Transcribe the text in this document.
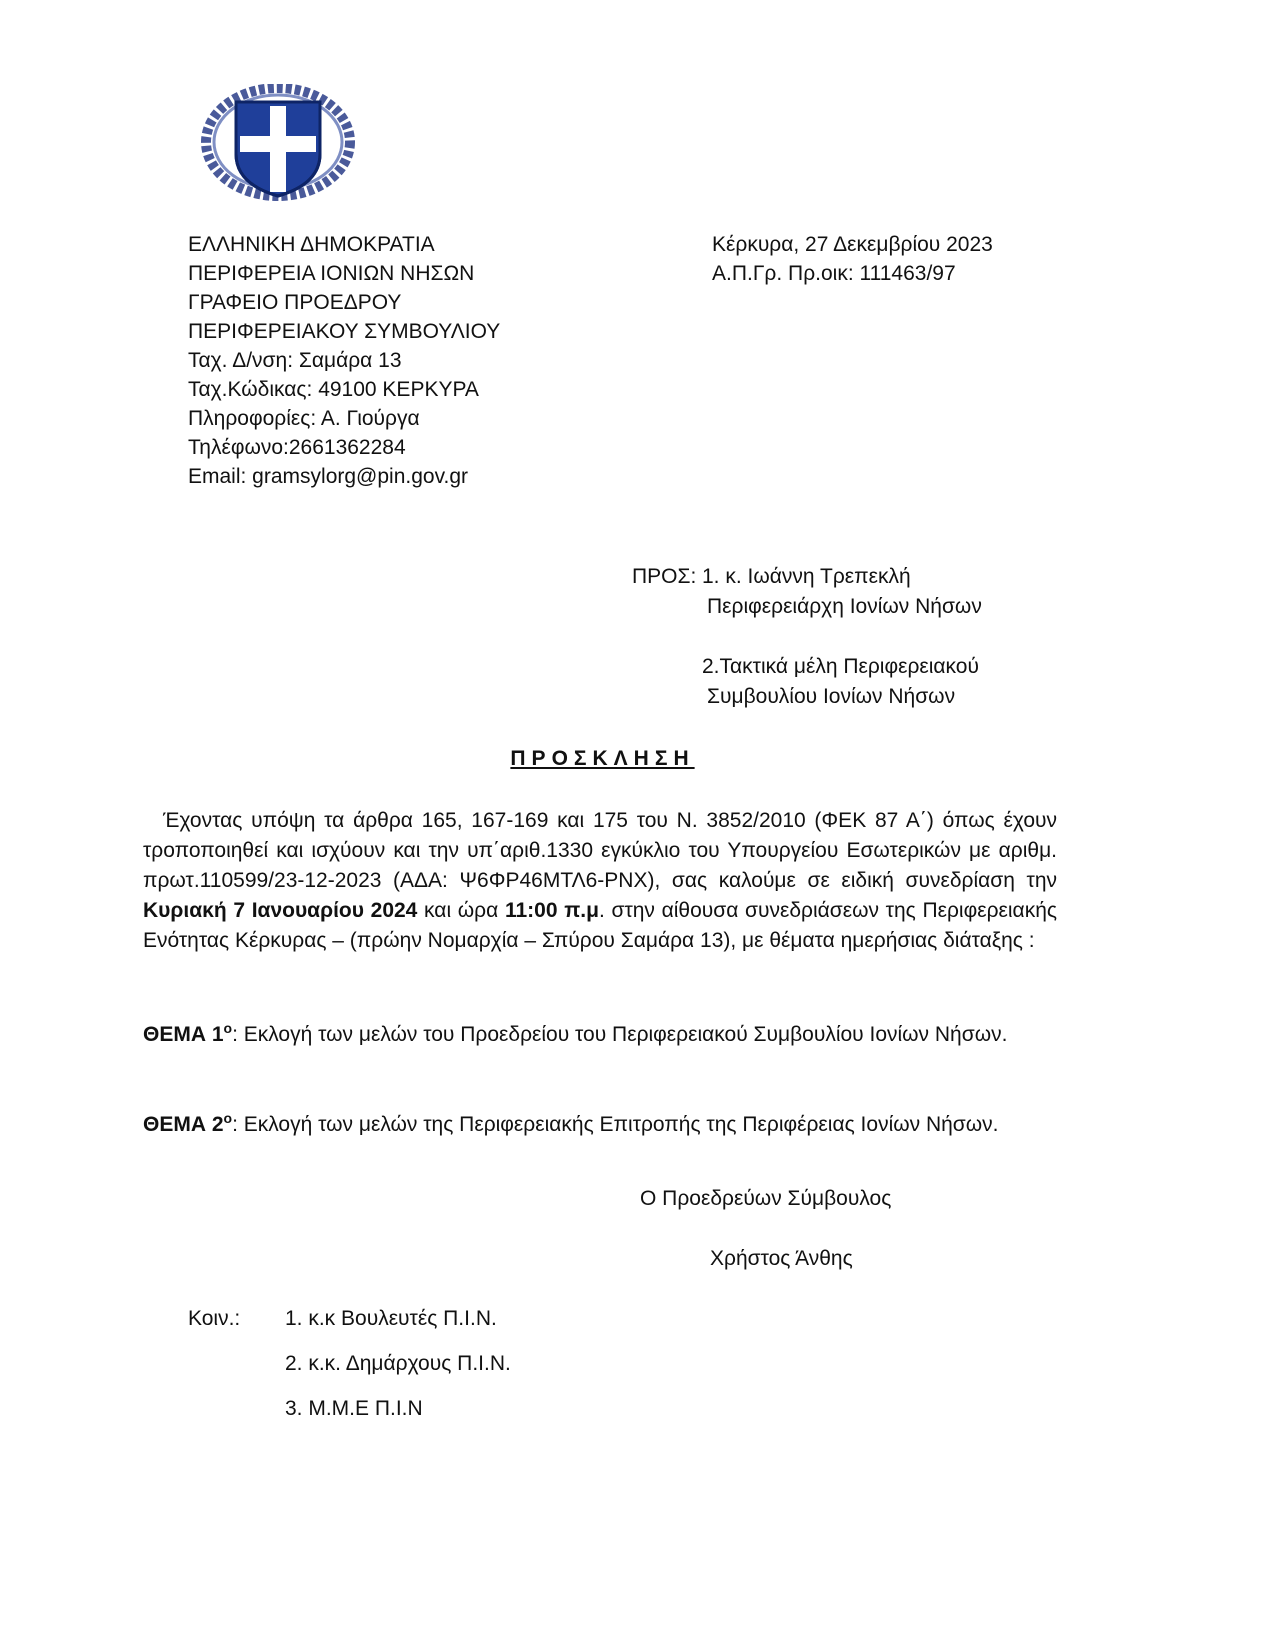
ΕΛΛΗΝΙΚΗ ΔΗΜΟΚΡΑΤΙΑ
ΠΕΡΙΦΕΡΕΙΑ ΙΟΝΙΩΝ ΝΗΣΩΝ
ΓΡΑΦΕΙΟ ΠΡΟΕΔΡΟΥ
ΠΕΡΙΦΕΡΕΙΑΚΟΥ ΣΥΜΒΟΥΛΙΟΥ
Ταχ. Δ/νση: Σαμάρα 13
Ταχ.Κώδικας: 49100 ΚΕΡΚΥΡΑ
Πληροφορίες: Α. Γιούργα
Τηλέφωνο:2661362284
Email: gramsylorg@pin.gov.gr
Κέρκυρα, 27 Δεκεμβρίου 2023
Α.Π.Γρ. Πρ.οικ: 111463/97
ΠΡΟΣ: 1. κ. Ιωάννη Τρεπεκλή
Περιφερειάρχη Ιονίων Νήσων
2.Τακτικά μέλη Περιφερειακού
Συμβουλίου Ιονίων Νήσων
ΠΡΟΣΚΛΗΣΗ
Έχοντας υπόψη τα άρθρα 165, 167-169 και 175 του Ν. 3852/2010 (ΦΕΚ 87 Α΄) όπως έχουν τροποποιηθεί και ισχύουν και την υπ΄αριθ.1330 εγκύκλιο του Υπουργείου Εσωτερικών με αριθμ. πρωτ.110599/23-12-2023 (ΑΔΑ: Ψ6ΦΡ46ΜΤΛ6-ΡΝΧ), σας καλούμε σε ειδική συνεδρίαση την Κυριακή 7 Ιανουαρίου 2024 και ώρα 11:00 π.μ. στην αίθουσα συνεδριάσεων της Περιφερειακής Ενότητας Κέρκυρας – (πρώην Νομαρχία – Σπύρου Σαμάρα 13), με θέματα ημερήσιας διάταξης :
ΘΕΜΑ $1^o$: Εκλογή των μελών του Προεδρείου του Περιφερειακού Συμβουλίου Ιονίων Νήσων.
ΘΕΜΑ $2^o$: Εκλογή των μελών της Περιφερειακής Επιτροπής της Περιφέρειας Ιονίων Νήσων.
Ο Προεδρεύων Σύμβουλος
Χρήστος Άνθης
Κοιν.: 1. κ.κ Βουλευτές Π.Ι.Ν.
2. κ.κ. Δημάρχους Π.Ι.Ν.
3. Μ.Μ.Ε Π.Ι.Ν
